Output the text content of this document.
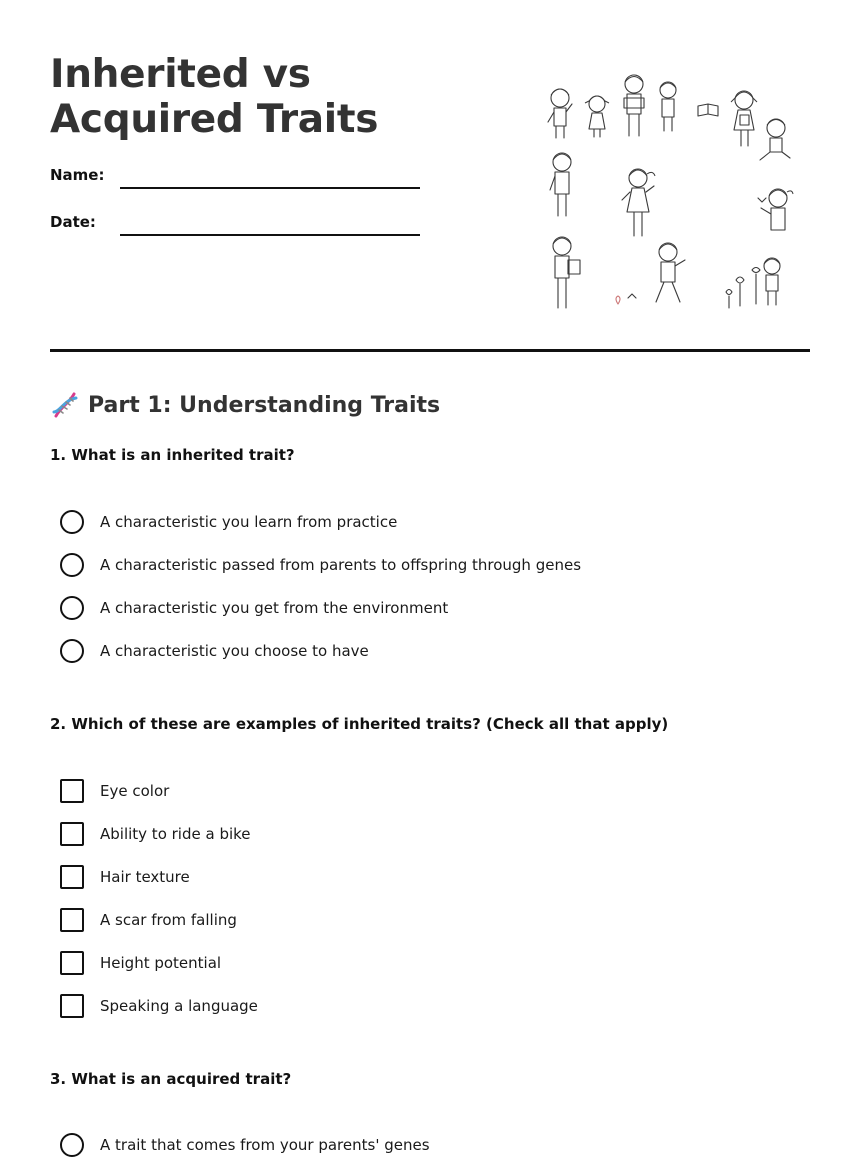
Inherited vs Acquired Traits
Name:
Date:
Part 1: Understanding Traits
1. What is an inherited trait?
A characteristic you learn from practice
A characteristic passed from parents to offspring through genes
A characteristic you get from the environment
A characteristic you choose to have
2. Which of these are examples of inherited traits? (Check all that apply)
Eye color
Ability to ride a bike
Hair texture
A scar from falling
Height potential
Speaking a language
3. What is an acquired trait?
A trait that comes from your parents' genes
